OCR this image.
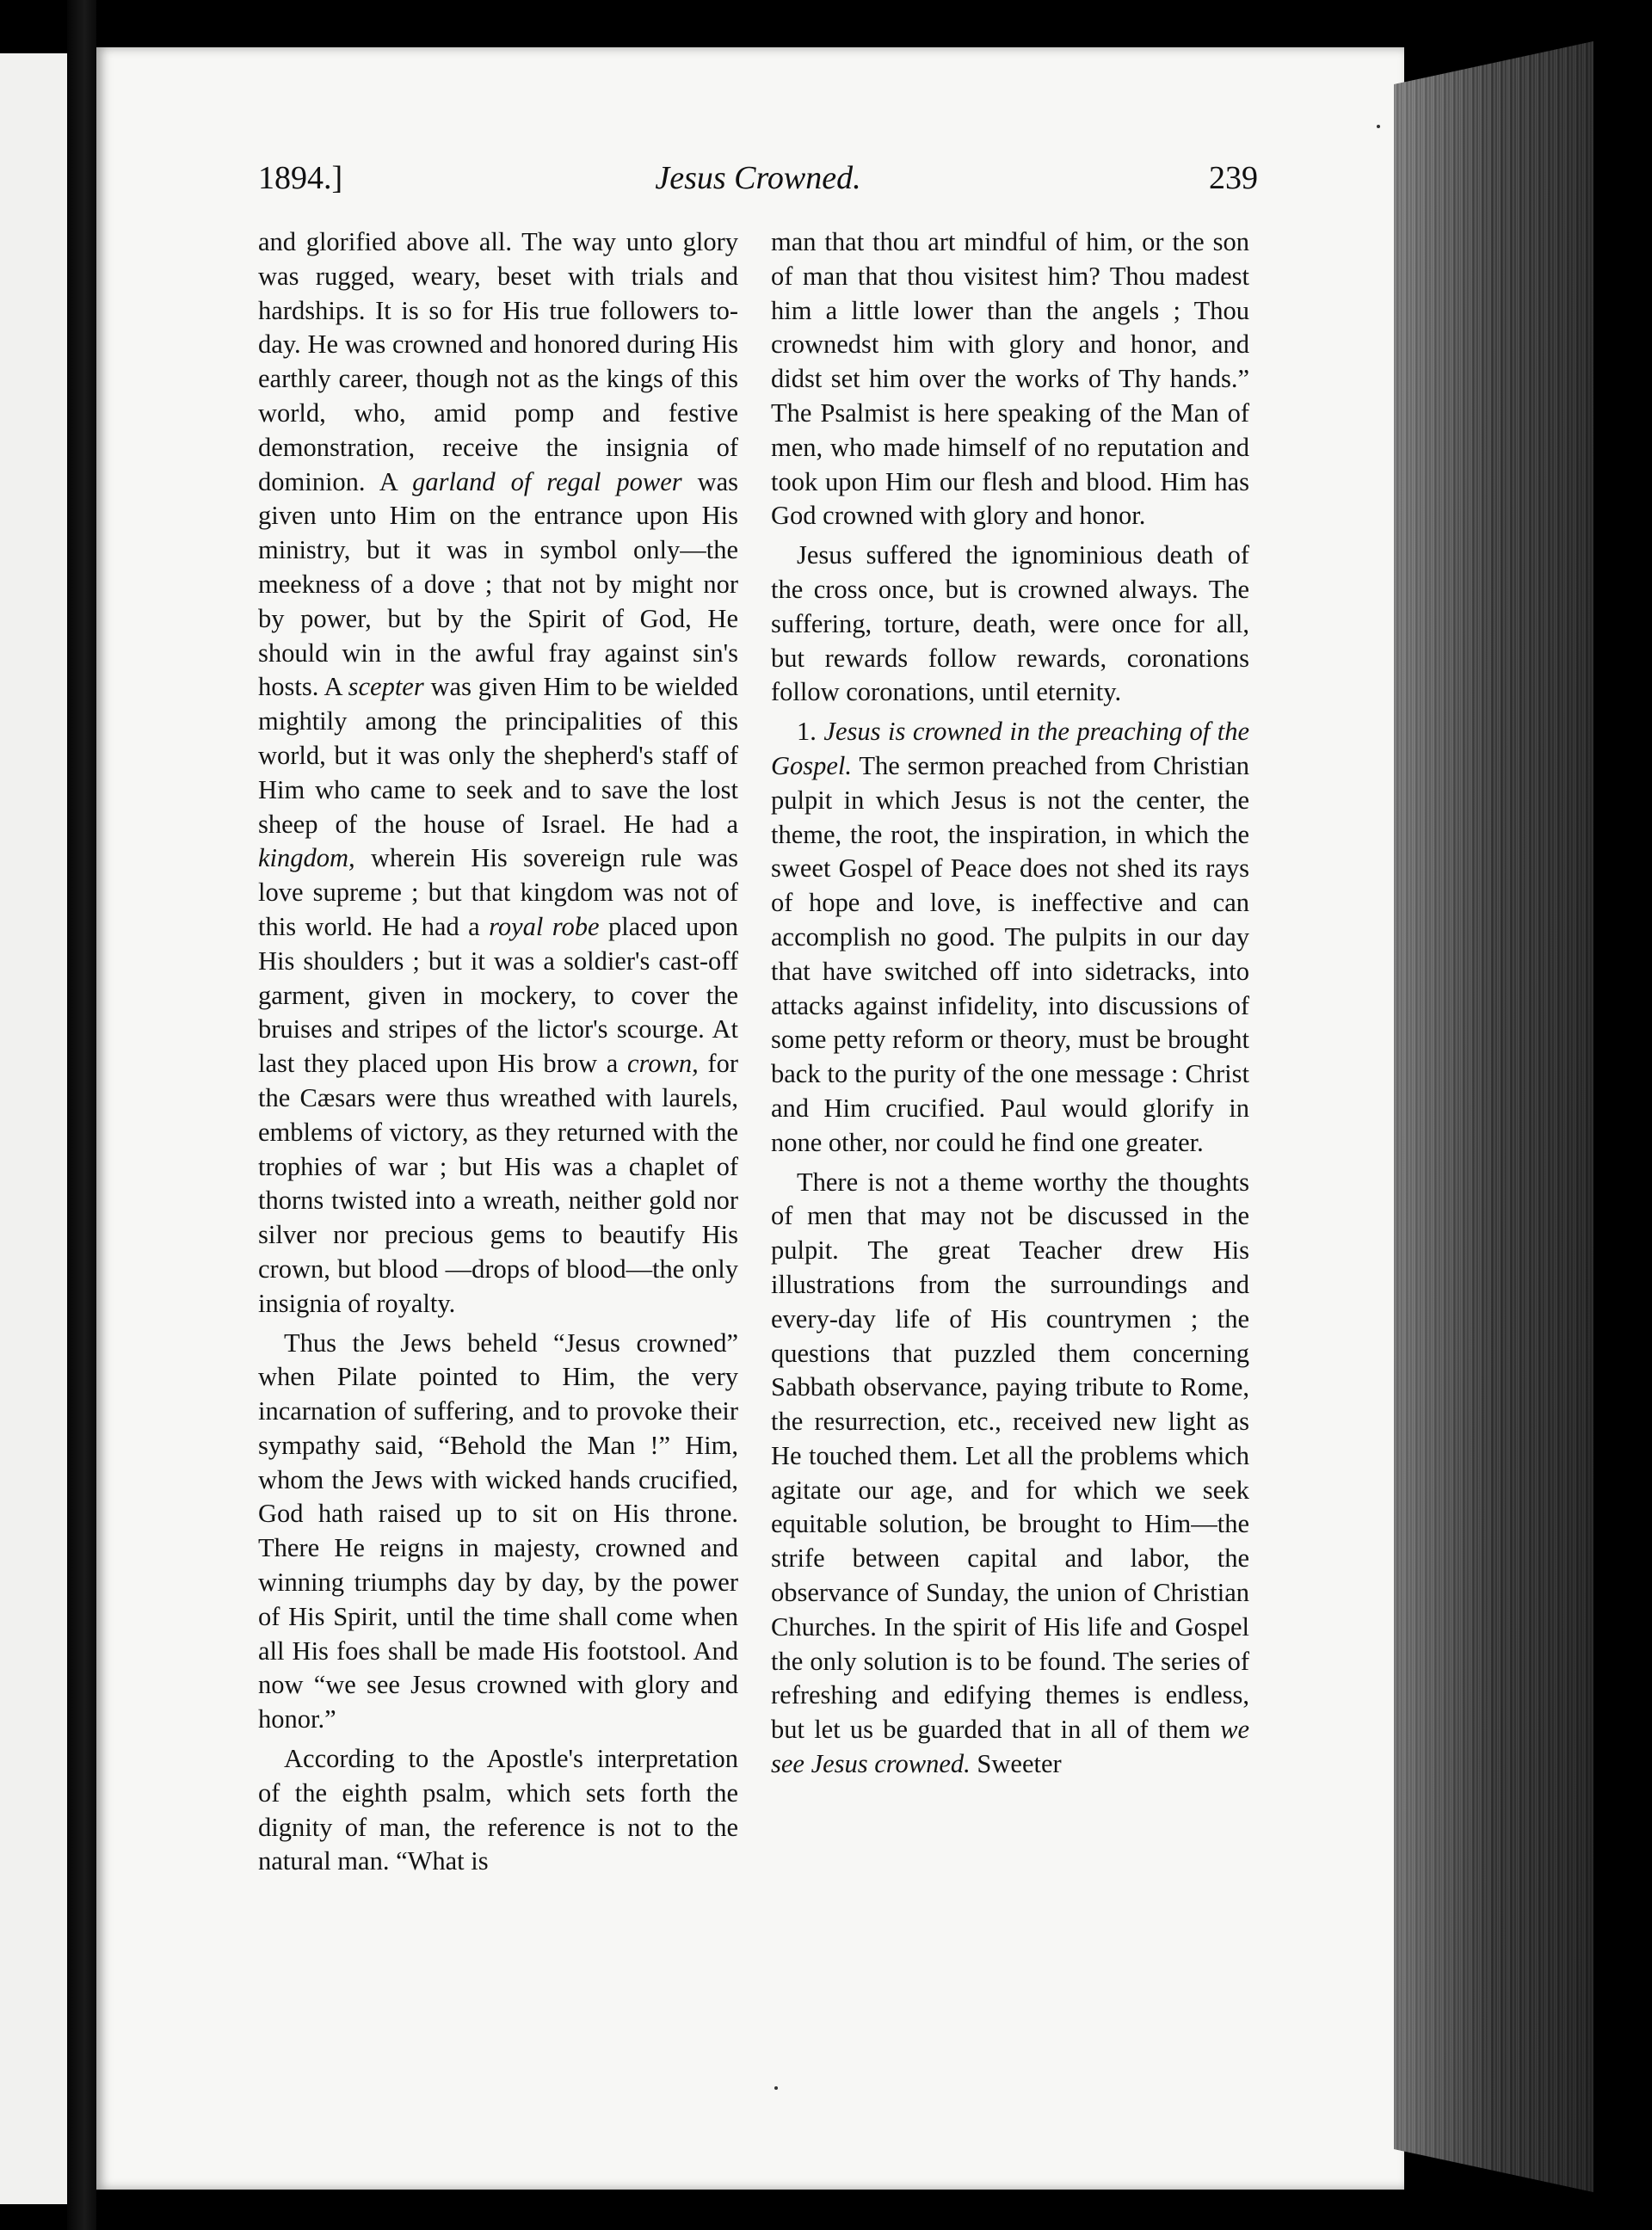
1894.]	Jesus Crowned.	239

and glorified above all. The way unto glory was rugged, weary, beset with trials and hardships. It is so for His true followers to-day. He was crowned and honored during His earthly career, though not as the kings of this world, who, amid pomp and festive demonstration, receive the insignia of dominion. A garland of regal power was given unto Him on the entrance upon His ministry, but it was in symbol only—the meekness of a dove ; that not by might nor by power, but by the Spirit of God, He should win in the awful fray against sin's hosts. A scepter was given Him to be wielded mightily among the principalities of this world, but it was only the shepherd's staff of Him who came to seek and to save the lost sheep of the house of Israel. He had a kingdom, wherein His sovereign rule was love supreme ; but that kingdom was not of this world. He had a royal robe placed upon His shoulders ; but it was a soldier's cast-off garment, given in mockery, to cover the bruises and stripes of the lictor's scourge. At last they placed upon His brow a crown, for the Cæsars were thus wreathed with laurels, emblems of victory, as they returned with the trophies of war ; but His was a chaplet of thorns twisted into a wreath, neither gold nor silver nor precious gems to beautify His crown, but blood —drops of blood—the only insignia of royalty.

Thus the Jews beheld “Jesus crowned” when Pilate pointed to Him, the very incarnation of suffering, and to provoke their sympathy said, “Behold the Man !” Him, whom the Jews with wicked hands crucified, God hath raised up to sit on His throne. There He reigns in majesty, crowned and winning triumphs day by day, by the power of His Spirit, until the time shall come when all His foes shall be made His footstool. And now “we see Jesus crowned with glory and honor.”

According to the Apostle's interpretation of the eighth psalm, which sets forth the dignity of man, the reference is not to the natural man. “What is

man that thou art mindful of him, or the son of man that thou visitest him? Thou madest him a little lower than the angels ; Thou crownedst him with glory and honor, and didst set him over the works of Thy hands.” The Psalmist is here speaking of the Man of men, who made himself of no reputation and took upon Him our flesh and blood. Him has God crowned with glory and honor.

Jesus suffered the ignominious death of the cross once, but is crowned always. The suffering, torture, death, were once for all, but rewards follow rewards, coronations follow coronations, until eternity.

1. Jesus is crowned in the preaching of the Gospel. The sermon preached from Christian pulpit in which Jesus is not the center, the theme, the root, the inspiration, in which the sweet Gospel of Peace does not shed its rays of hope and love, is ineffective and can accomplish no good. The pulpits in our day that have switched off into sidetracks, into attacks against infidelity, into discussions of some petty reform or theory, must be brought back to the purity of the one message : Christ and Him crucified. Paul would glorify in none other, nor could he find one greater.

There is not a theme worthy the thoughts of men that may not be discussed in the pulpit. The great Teacher drew His illustrations from the surroundings and every-day life of His countrymen ; the questions that puzzled them concerning Sabbath observance, paying tribute to Rome, the resurrection, etc., received new light as He touched them. Let all the problems which agitate our age, and for which we seek equitable solution, be brought to Him—the strife between capital and labor, the observance of Sunday, the union of Christian Churches. In the spirit of His life and Gospel the only solution is to be found. The series of refreshing and edifying themes is endless, but let us be guarded that in all of them we see Jesus crowned. Sweeter
